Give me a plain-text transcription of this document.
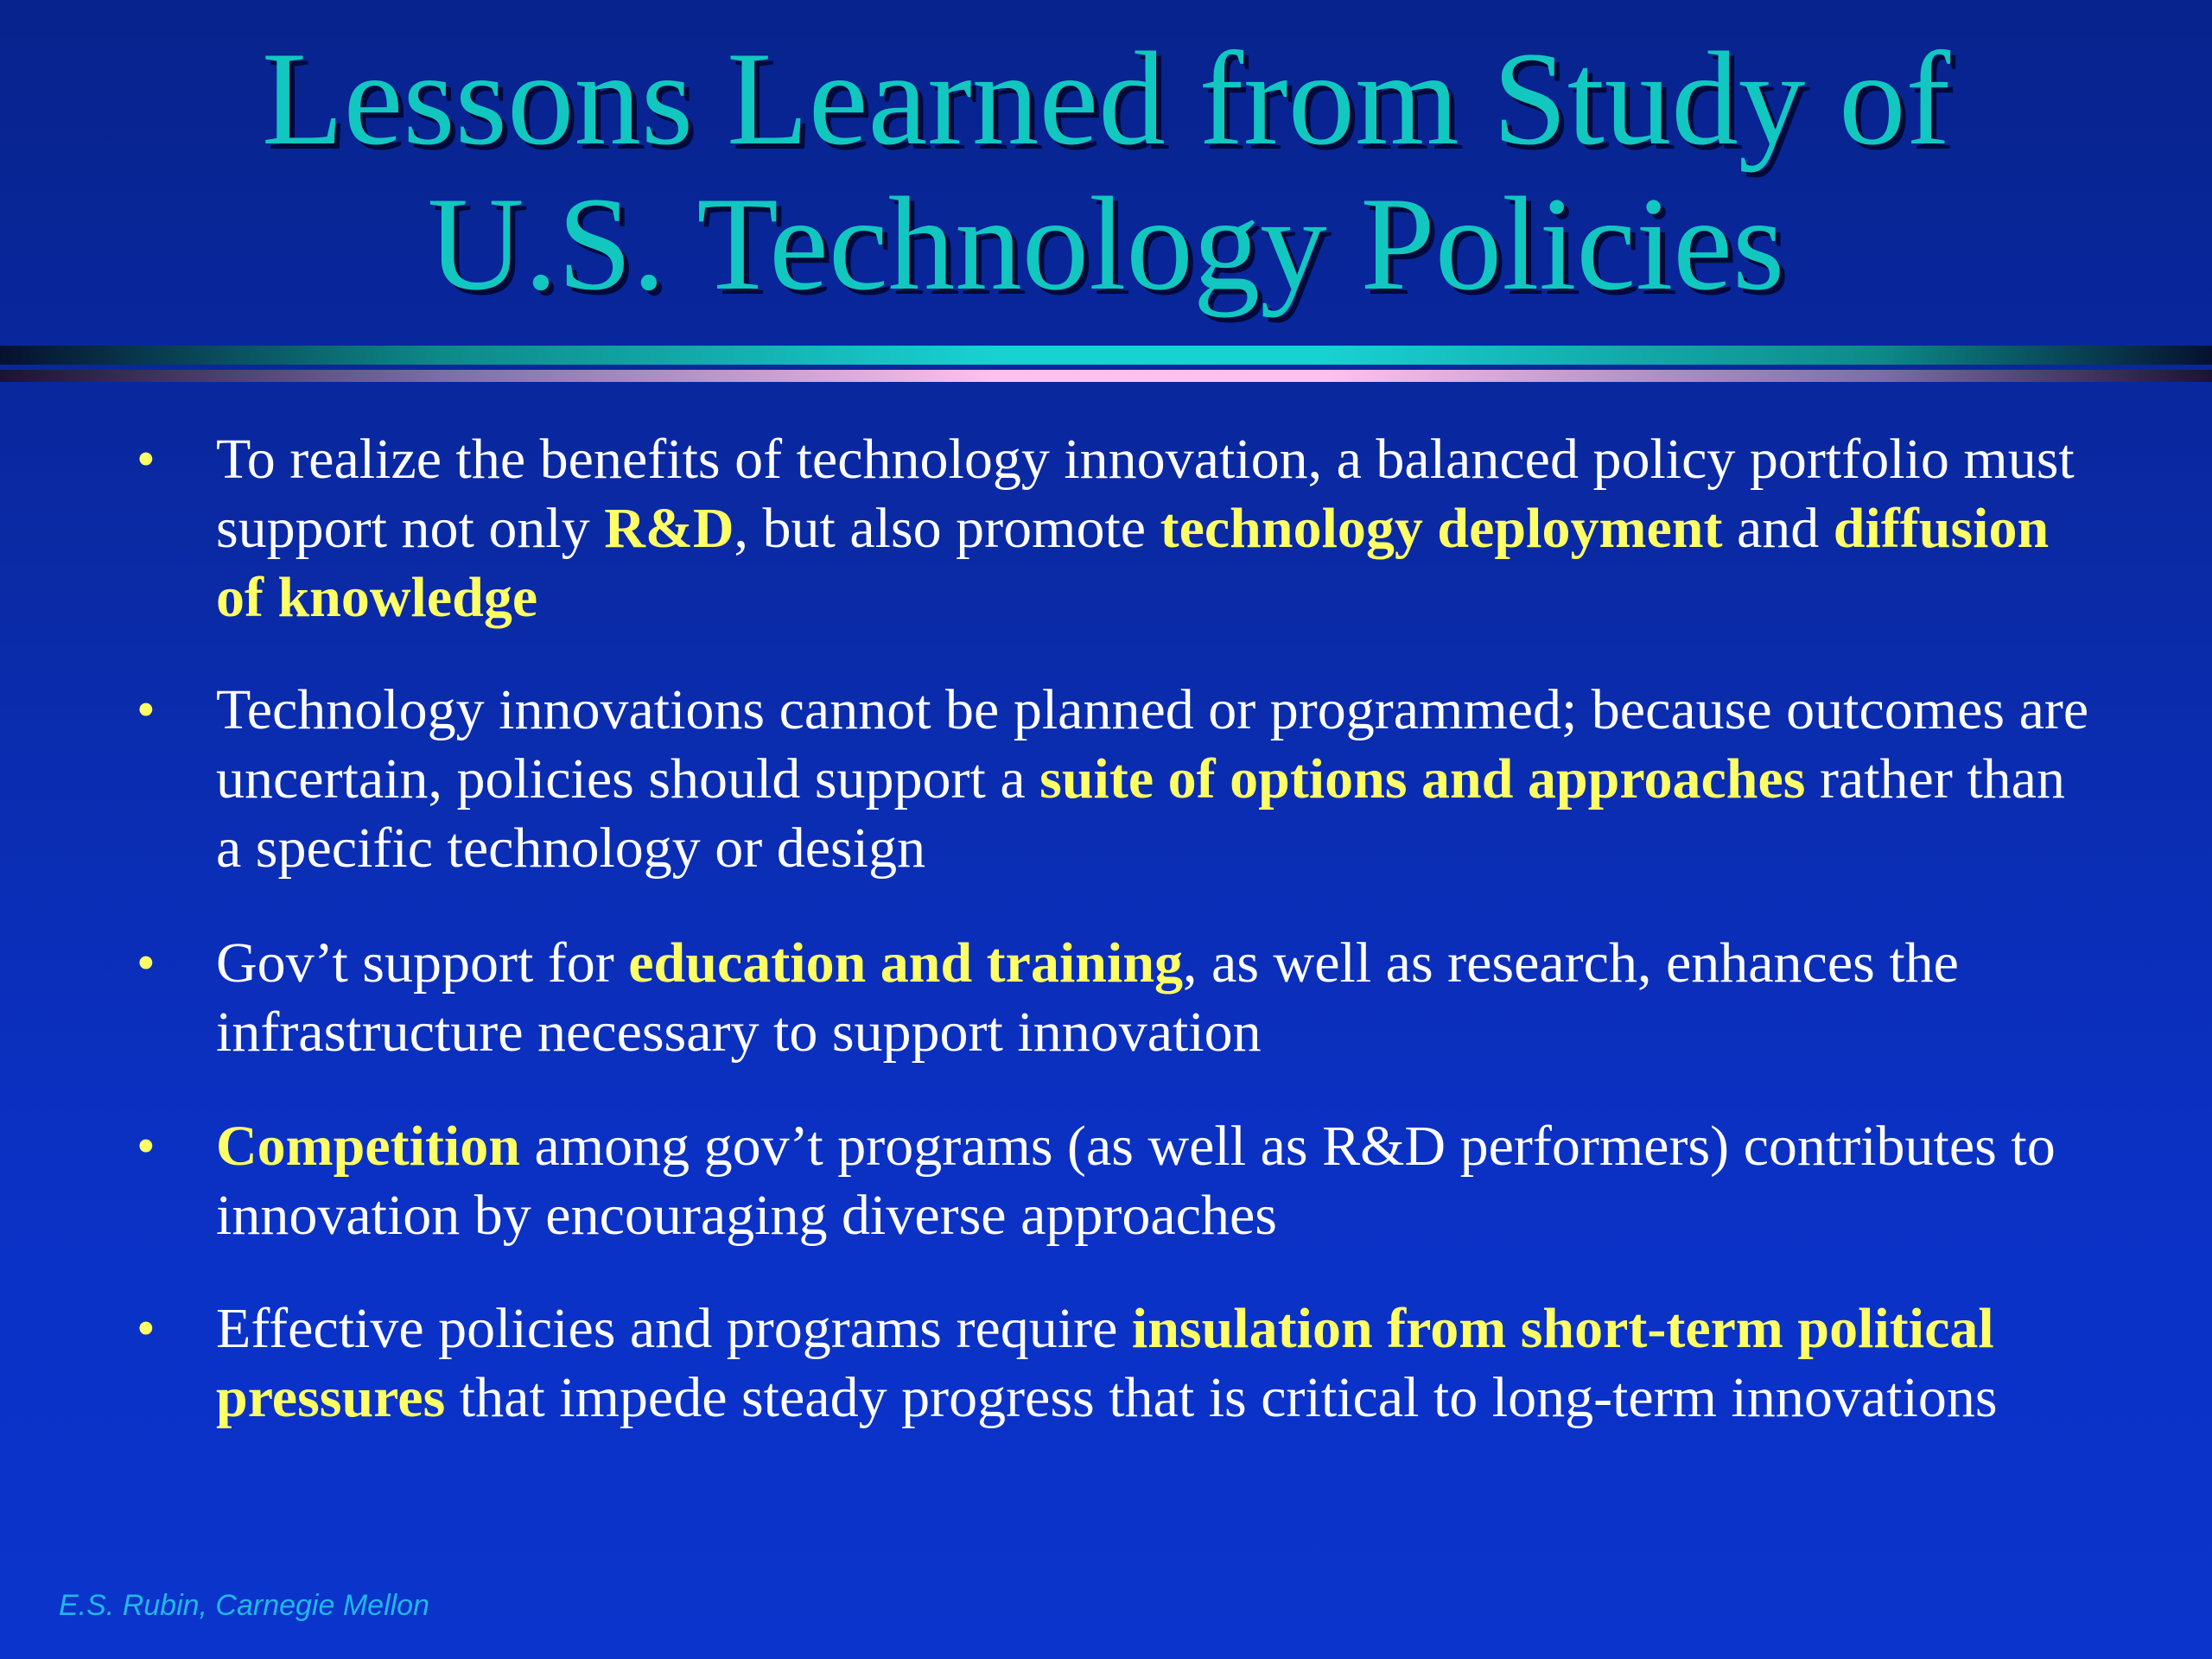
Lessons Learned from Study of
U.S. Technology Policies
• To realize the benefits of technology innovation, a balanced policy portfolio must support not only R&D, but also promote technology deployment and diffusion of knowledge
• Technology innovations cannot be planned or programmed; because outcomes are uncertain, policies should support a suite of options and approaches rather than a specific technology or design
• Gov’t support for education and training, as well as research, enhances the infrastructure necessary to support innovation
• Competition among gov’t programs (as well as R&D performers) contributes to innovation by encouraging diverse approaches
• Effective policies and programs require insulation from short-term political pressures that impede steady progress that is critical to long-term innovations
E.S. Rubin, Carnegie Mellon
